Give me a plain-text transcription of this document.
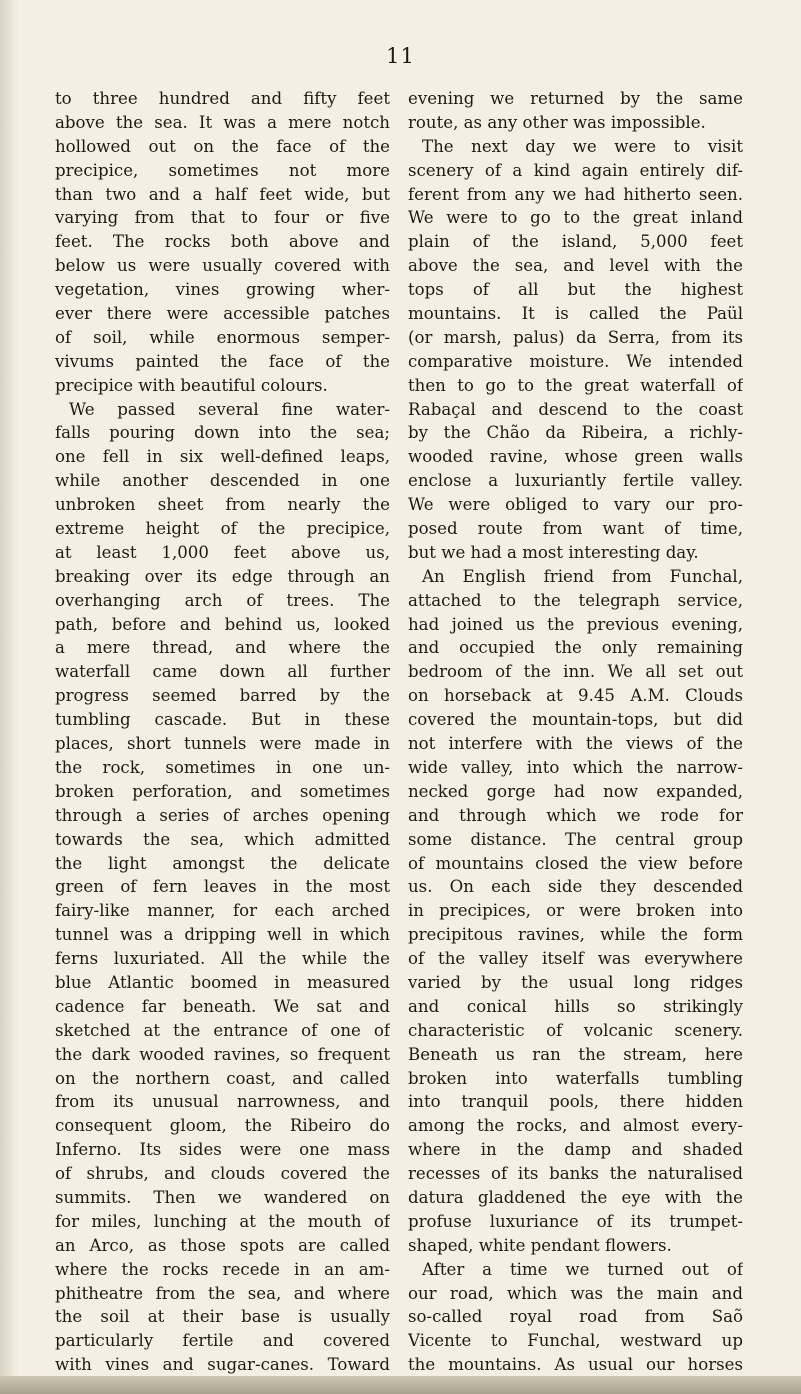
11
to three hundred and fifty feet
above the sea. It was a mere notch
hollowed out on the face of the
precipice, sometimes not more
than two and a half feet wide, but
varying from that to four or five
feet. The rocks both above and
below us were usually covered with
vegetation, vines growing wher-
ever there were accessible patches
of soil, while enormous semper-
vivums painted the face of the
precipice with beautiful colours.
We passed several fine water-
falls pouring down into the sea;
one fell in six well-defined leaps,
while another descended in one
unbroken sheet from nearly the
extreme height of the precipice,
at least 1,000 feet above us,
breaking over its edge through an
overhanging arch of trees. The
path, before and behind us, looked
a mere thread, and where the
waterfall came down all further
progress seemed barred by the
tumbling cascade. But in these
places, short tunnels were made in
the rock, sometimes in one un-
broken perforation, and sometimes
through a series of arches opening
towards the sea, which admitted
the light amongst the delicate
green of fern leaves in the most
fairy-like manner, for each arched
tunnel was a dripping well in which
ferns luxuriated. All the while the
blue Atlantic boomed in measured
cadence far beneath. We sat and
sketched at the entrance of one of
the dark wooded ravines, so frequent
on the northern coast, and called
from its unusual narrowness, and
consequent gloom, the Ribeiro do
Inferno. Its sides were one mass
of shrubs, and clouds covered the
summits. Then we wandered on
for miles, lunching at the mouth of
an Arco, as those spots are called
where the rocks recede in an am-
phitheatre from the sea, and where
the soil at their base is usually
particularly fertile and covered
with vines and sugar-canes. Toward
evening we returned by the same
route, as any other was impossible.
The next day we were to visit
scenery of a kind again entirely dif-
ferent from any we had hitherto seen.
We were to go to the great inland
plain of the island, 5,000 feet
above the sea, and level with the
tops of all but the highest
mountains. It is called the Paül
(or marsh, palus) da Serra, from its
comparative moisture. We intended
then to go to the great waterfall of
Rabaçal and descend to the coast
by the Chão da Ribeira, a richly-
wooded ravine, whose green walls
enclose a luxuriantly fertile valley.
We were obliged to vary our pro-
posed route from want of time,
but we had a most interesting day.
An English friend from Funchal,
attached to the telegraph service,
had joined us the previous evening,
and occupied the only remaining
bedroom of the inn. We all set out
on horseback at 9.45 A.M. Clouds
covered the mountain-tops, but did
not interfere with the views of the
wide valley, into which the narrow-
necked gorge had now expanded,
and through which we rode for
some distance. The central group
of mountains closed the view before
us. On each side they descended
in precipices, or were broken into
precipitous ravines, while the form
of the valley itself was everywhere
varied by the usual long ridges
and conical hills so strikingly
characteristic of volcanic scenery.
Beneath us ran the stream, here
broken into waterfalls tumbling
into tranquil pools, there hidden
among the rocks, and almost every-
where in the damp and shaded
recesses of its banks the naturalised
datura gladdened the eye with the
profuse luxuriance of its trumpet-
shaped, white pendant flowers.
After a time we turned out of
our road, which was the main and
so-called royal road from Saõ
Vicente to Funchal, westward up
the mountains. As usual our horses
